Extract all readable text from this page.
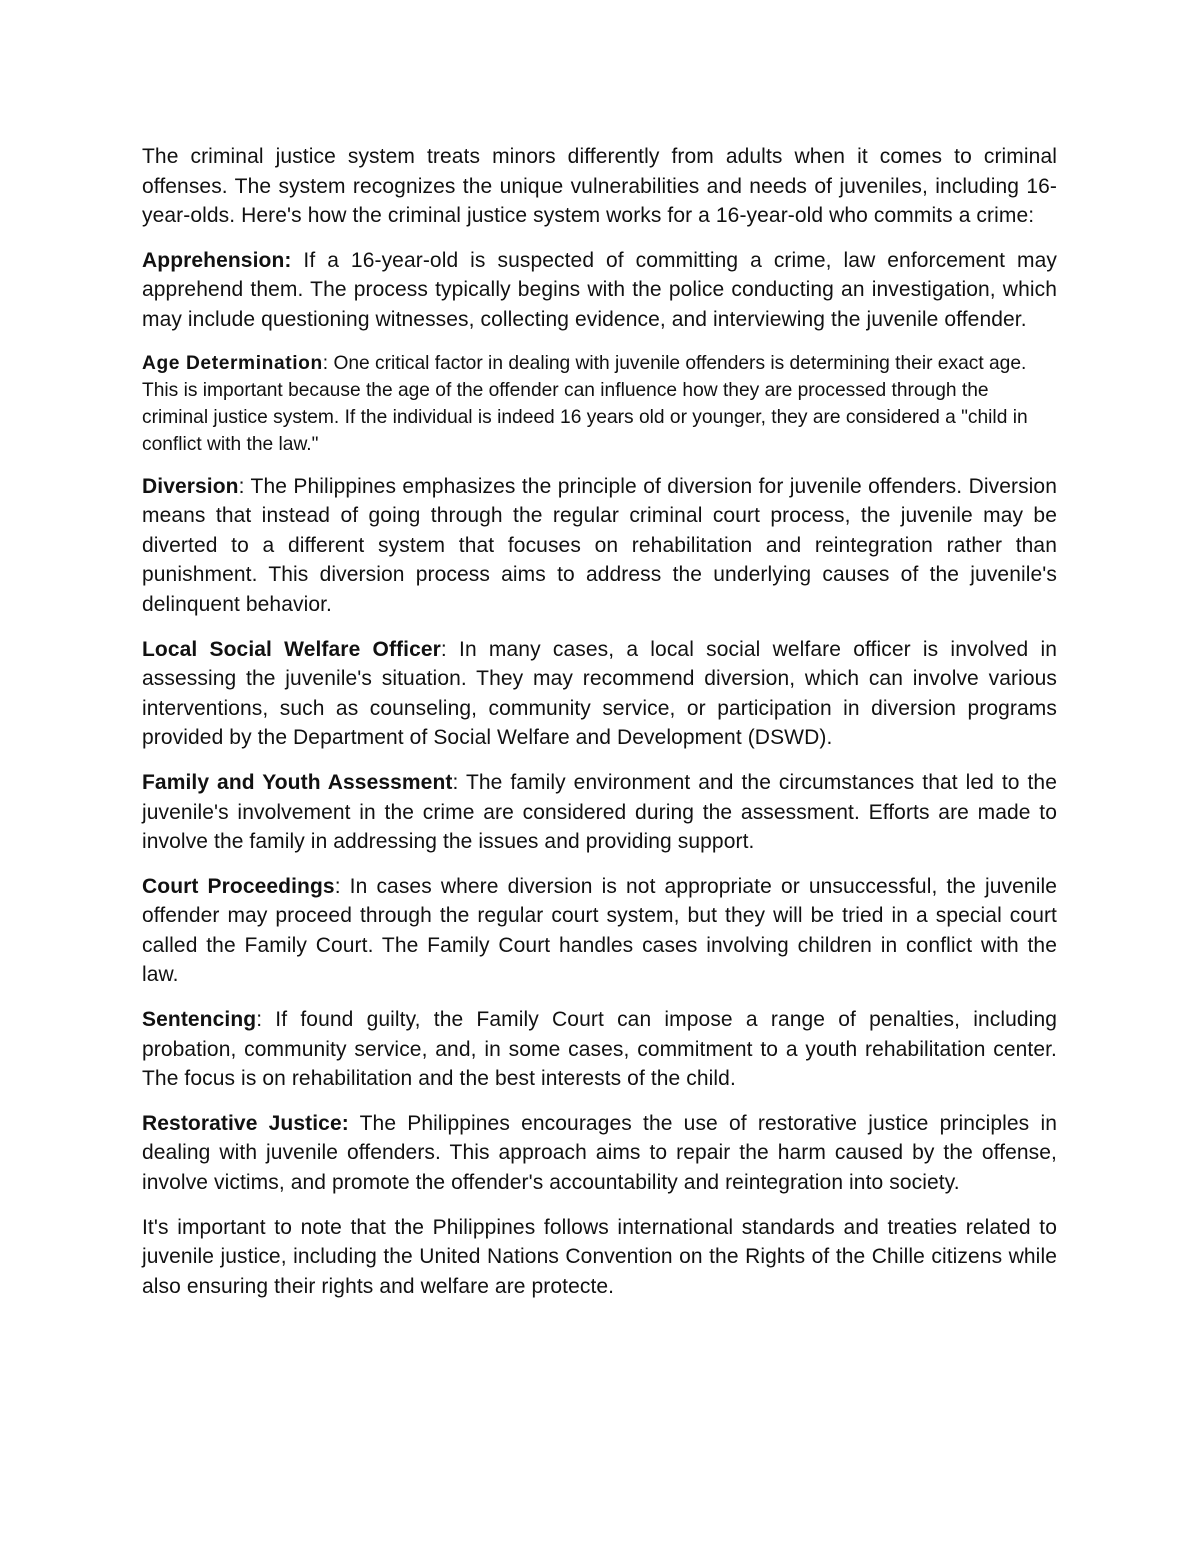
The criminal justice system treats minors differently from adults when it comes to criminal offenses. The system recognizes the unique vulnerabilities and needs of juveniles, including 16-year-olds. Here's how the criminal justice system works for a 16-year-old who commits a crime:

Apprehension: If a 16-year-old is suspected of committing a crime, law enforcement may apprehend them. The process typically begins with the police conducting an investigation, which may include questioning witnesses, collecting evidence, and interviewing the juvenile offender.

Age Determination: One critical factor in dealing with juvenile offenders is determining their exact age. This is important because the age of the offender can influence how they are processed through the criminal justice system. If the individual is indeed 16 years old or younger, they are considered a "child in conflict with the law."

Diversion: The Philippines emphasizes the principle of diversion for juvenile offenders. Diversion means that instead of going through the regular criminal court process, the juvenile may be diverted to a different system that focuses on rehabilitation and reintegration rather than punishment. This diversion process aims to address the underlying causes of the juvenile's delinquent behavior.

Local Social Welfare Officer: In many cases, a local social welfare officer is involved in assessing the juvenile's situation. They may recommend diversion, which can involve various interventions, such as counseling, community service, or participation in diversion programs provided by the Department of Social Welfare and Development (DSWD).

Family and Youth Assessment: The family environment and the circumstances that led to the juvenile's involvement in the crime are considered during the assessment. Efforts are made to involve the family in addressing the issues and providing support.

Court Proceedings: In cases where diversion is not appropriate or unsuccessful, the juvenile offender may proceed through the regular court system, but they will be tried in a special court called the Family Court. The Family Court handles cases involving children in conflict with the law.

Sentencing: If found guilty, the Family Court can impose a range of penalties, including probation, community service, and, in some cases, commitment to a youth rehabilitation center. The focus is on rehabilitation and the best interests of the child.

Restorative Justice: The Philippines encourages the use of restorative justice principles in dealing with juvenile offenders. This approach aims to repair the harm caused by the offense, involve victims, and promote the offender's accountability and reintegration into society.

It's important to note that the Philippines follows international standards and treaties related to juvenile justice, including the United Nations Convention on the Rights of the Chille citizens while also ensuring their rights and welfare are protecte.
